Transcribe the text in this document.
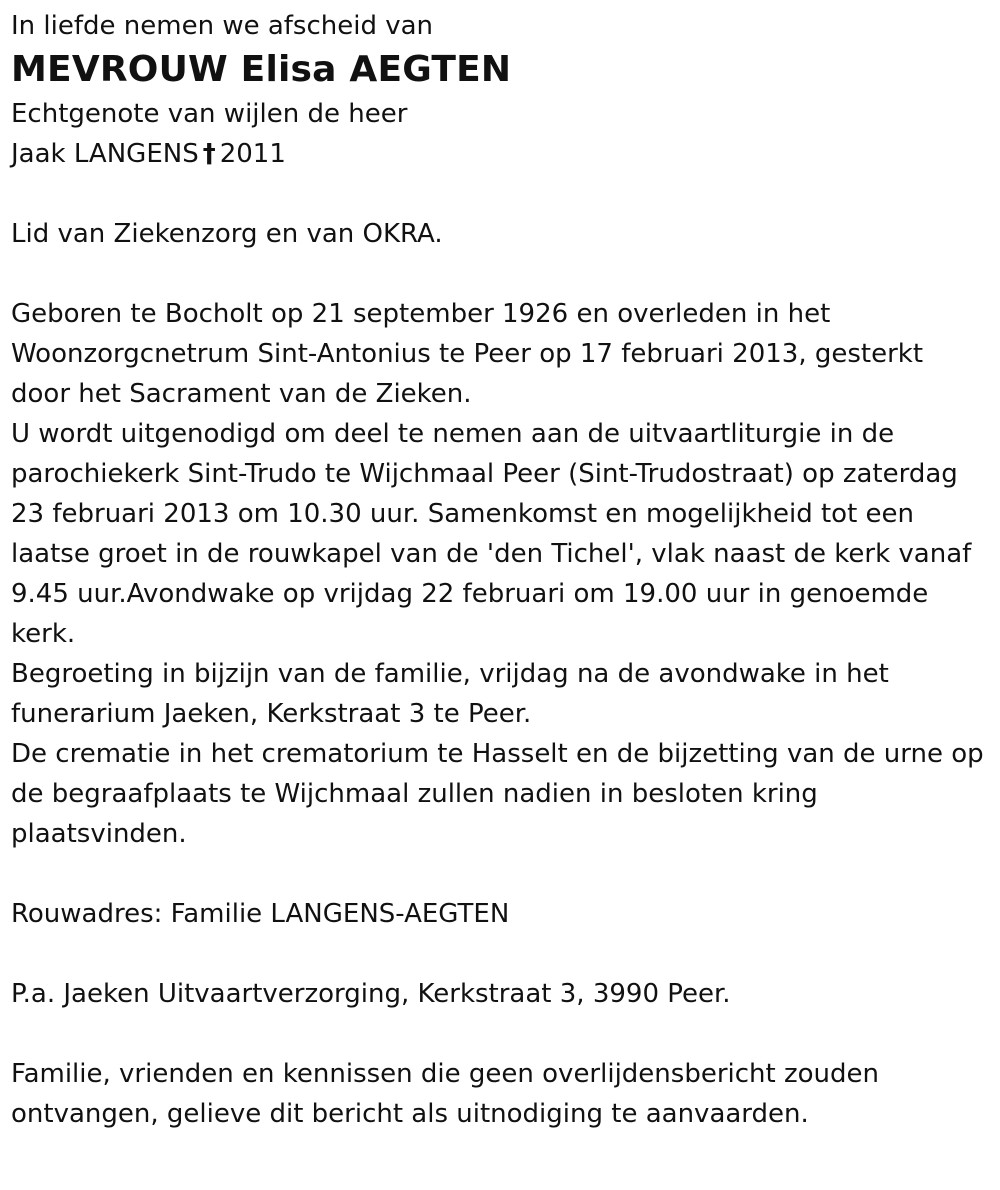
In liefde nemen we afscheid van

MEVROUW Elisa AEGTEN

Echtgenote van wijlen de heer

Jaak LANGENS † 2011

Lid van Ziekenzorg en van OKRA.

Geboren te Bocholt op 21 september 1926 en overleden in het Woonzorgcnetrum Sint-Antonius te Peer op 17 februari 2013, gesterkt door het Sacrament van de Zieken.

U wordt uitgenodigd om deel te nemen aan de uitvaartliturgie in de parochiekerk Sint-Trudo te Wijchmaal Peer (Sint-Trudostraat) op zaterdag 23 februari 2013 om 10.30 uur. Samenkomst en mogelijkheid tot een laatse groet in de rouwkapel van de 'den Tichel', vlak naast de kerk vanaf 9.45 uur.Avondwake op vrijdag 22 februari om 19.00 uur in genoemde kerk.

Begroeting in bijzijn van de familie, vrijdag na de avondwake in het funerarium Jaeken, Kerkstraat 3 te Peer.

De crematie in het crematorium te Hasselt en de bijzetting van de urne op de begraafplaats te Wijchmaal zullen nadien in besloten kring plaatsvinden.

Rouwadres: Familie LANGENS-AEGTEN

P.a. Jaeken Uitvaartverzorging, Kerkstraat 3, 3990 Peer.

Familie, vrienden en kennissen die geen overlijdensbericht zouden ontvangen, gelieve dit bericht als uitnodiging te aanvaarden.
